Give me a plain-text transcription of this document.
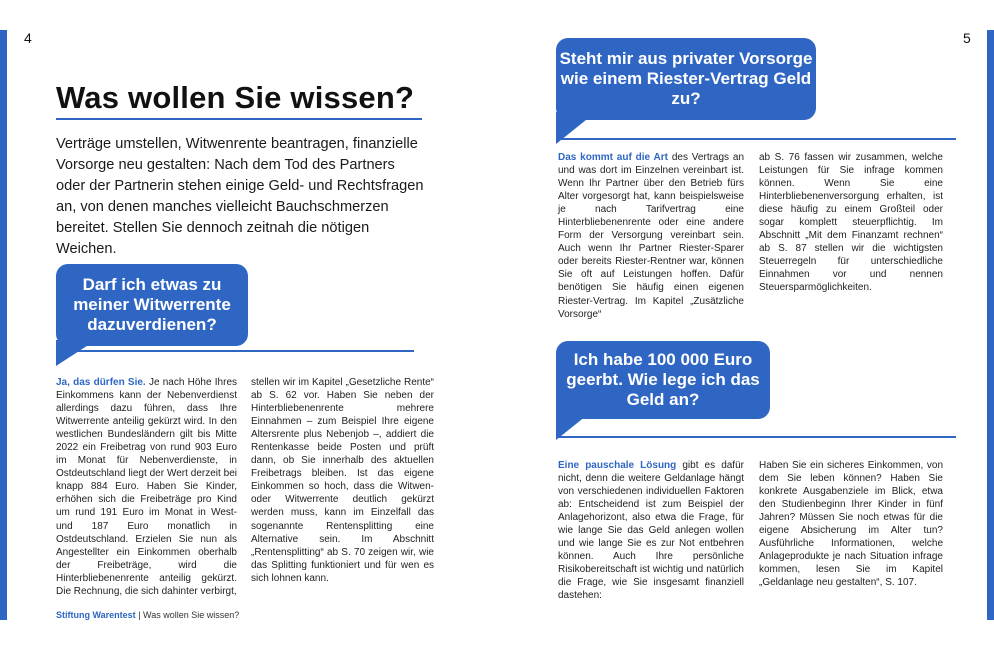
4	5
Was wollen Sie wissen?

Verträge umstellen, Witwenrente beantragen, finanzielle Vorsorge neu gestalten: Nach dem Tod des Partners oder der Partnerin stehen einige Geld- und Rechtsfragen an, von denen manches vielleicht Bauchschmerzen bereitet. Stellen Sie dennoch zeitnah die nötigen Weichen.

Darf ich etwas zu meiner Witwerrente dazuverdienen?
Ja, das dürfen Sie. Je nach Höhe Ihres Einkommens kann der Nebenverdienst allerdings dazu führen, dass Ihre Witwerrente anteilig gekürzt wird. In den westlichen Bundesländern gilt bis Mitte 2022 ein Freibetrag von rund 903 Euro im Monat für Nebenverdienste, in Ostdeutschland liegt der Wert derzeit bei knapp 884 Euro. Haben Sie Kinder, erhöhen sich die Freibeträge pro Kind um rund 191 Euro im Monat in West- und 187 Euro monatlich in Ostdeutschland. Erzielen Sie nun als Angestellter ein Einkommen oberhalb der Freibeträge, wird die Hinterbliebenenrente anteilig gekürzt. Die Rechnung, die sich dahinter verbirgt,
stellen wir im Kapitel „Gesetzliche Rente“ ab S. 62 vor. Haben Sie neben der Hinterbliebenenrente mehrere Einnahmen – zum Beispiel Ihre eigene Altersrente plus Nebenjob –, addiert die Rentenkasse beide Posten und prüft dann, ob Sie innerhalb des aktuellen Freibetrags bleiben. Ist das eigene Einkommen so hoch, dass die Witwen- oder Witwerrente deutlich gekürzt werden muss, kann im Einzelfall das sogenannte Rentensplitting eine Alternative sein. Im Abschnitt „Rentensplitting“ ab S. 70 zeigen wir, wie das Splitting funktioniert und für wen es sich lohnen kann.
Steht mir aus privater Vorsorge wie einem Riester-Vertrag Geld zu?
Das kommt auf die Art des Vertrags an und was dort im Einzelnen vereinbart ist. Wenn Ihr Partner über den Betrieb fürs Alter vorgesorgt hat, kann beispielsweise je nach Tarifvertrag eine Hinterbliebenenrente oder eine andere Form der Versorgung vereinbart sein. Auch wenn Ihr Partner Riester-Sparer oder bereits Riester-Rentner war, können Sie oft auf Leistungen hoffen. Dafür benötigen Sie häufig einen eigenen Riester-Vertrag. Im Kapitel „Zusätzliche Vorsorge“
ab S. 76 fassen wir zusammen, welche Leistungen für Sie infrage kommen können. Wenn Sie eine Hinterbliebenenversorgung erhalten, ist diese häufig zu einem Großteil oder sogar komplett steuerpflichtig. Im Abschnitt „Mit dem Finanzamt rechnen“ ab S. 87 stellen wir die wichtigsten Steuerregeln für unterschiedliche Einnahmen vor und nennen Steuersparmöglichkeiten.
Ich habe 100 000 Euro geerbt. Wie lege ich das Geld an?
Eine pauschale Lösung gibt es dafür nicht, denn die weitere Geldanlage hängt von verschiedenen individuellen Faktoren ab: Entscheidend ist zum Beispiel der Anlagehorizont, also etwa die Frage, für wie lange Sie das Geld anlegen wollen und wie lange Sie es zur Not entbehren können. Auch Ihre persönliche Risikobereitschaft ist wichtig und natürlich die Frage, wie Sie insgesamt finanziell dastehen:
Haben Sie ein sicheres Einkommen, von dem Sie leben können? Haben Sie konkrete Ausgabenziele im Blick, etwa den Studienbeginn Ihrer Kinder in fünf Jahren? Müssen Sie noch etwas für die eigene Absicherung im Alter tun? Ausführliche Informationen, welche Anlageprodukte je nach Situation infrage kommen, lesen Sie im Kapitel „Geldanlage neu gestalten“, S. 107.
Stiftung Warentest | Was wollen Sie wissen?
